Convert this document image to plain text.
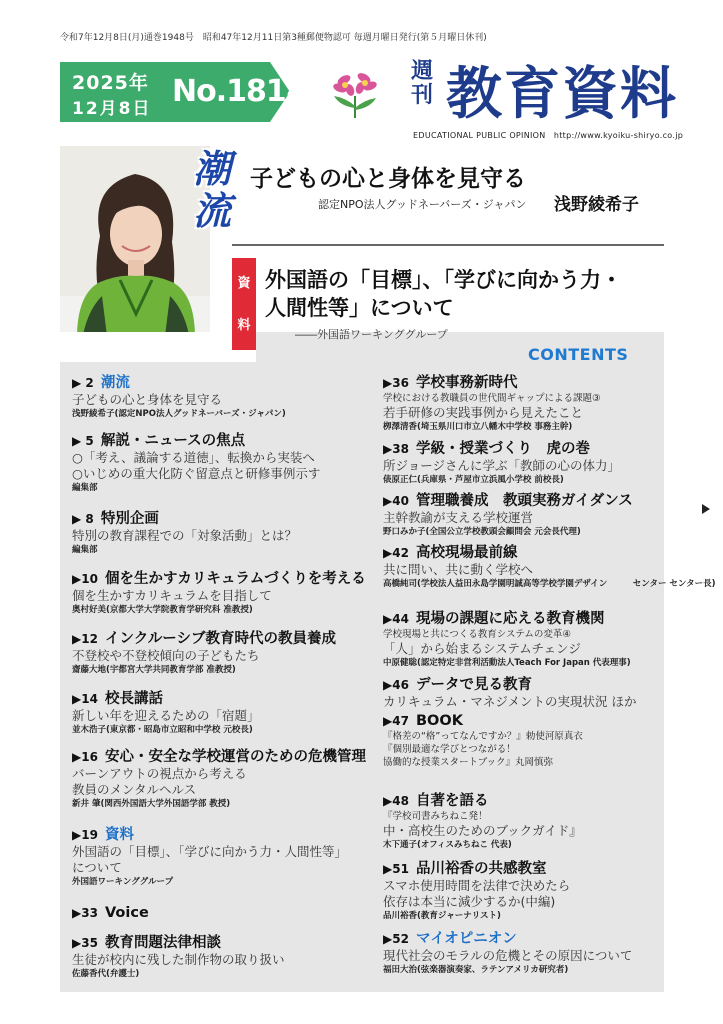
令和7年12月8日(月)通巻1948号　昭和47年12月11日第3種郵便物認可 毎週月曜日発行(第５月曜日休刊)
2025年
12月8日 No.1818
週刊 教育資料
EDUCATIONAL PUBLIC OPINION　http://www.kyoiku-shiryo.co.jp
潮流
子どもの心と身体を見守る
認定NPO法人グッドネーバーズ・ジャパン 浅野綾希子
資
料
外国語の「目標」、「学びに向かう力・
人間性等」について
――外国語ワーキンググループ
CONTENTS
▶ 2 潮流
子どもの心と身体を見守る
浅野綾希子(認定NPO法人グッドネーバーズ・ジャパン)
▶ 5 解説・ニュースの焦点
○「考え、議論する道徳」、転換から実装へ
○いじめの重大化防ぐ留意点と研修事例示す
編集部
▶ 8 特別企画
特別の教育課程での「対象活動」とは？
編集部
▶10 個を生かすカリキュラムづくりを考える
個を生かすカリキュラムを目指して
奥村好美(京都大学大学院教育学研究科 准教授)
▶12 インクルーシブ教育時代の教員養成
不登校や不登校傾向の子どもたち
齋藤大地(宇都宮大学共同教育学部 准教授)
▶14 校長講話
新しい年を迎えるための「宿題」
並木浩子(東京都・昭島市立昭和中学校 元校長)
▶16 安心・安全な学校運営のための危機管理
バーンアウトの視点から考える
教員のメンタルヘルス
新井 肇(関西外国語大学外国語学部 教授)
▶19 資料
外国語の「目標」、「学びに向かう力・人間性等」
について
外国語ワーキンググループ
▶33 Voice
▶35 教育問題法律相談
生徒が校内に残した制作物の取り扱い
佐藤香代(弁護士)
▶36 学校事務新時代
学校における教職員の世代間ギャップによる課題③
若手研修の実践事例から見えたこと
栁澤清香(埼玉県川口市立八幡木中学校 事務主幹)
▶38 学級・授業づくり　虎の巻
所ジョージさんに学ぶ「教師の心の体力」
俵原正仁(兵庫県・芦屋市立浜風小学校 前校長)
▶40 管理職養成　教頭実務ガイダンス
主幹教諭が支える学校運営
野口みか子(全国公立学校教頭会顧問会 元会長代理)
▶42 高校現場最前線
共に問い、共に動く学校へ
高橋純司(学校法人益田永島学園明誠高等学校学園デザイン　　　センター センター長)
▶44 現場の課題に応える教育機関
学校現場と共につくる教育システムの変革④
「人」から始まるシステムチェンジ
中原健聡(認定特定非営利活動法人Teach For Japan 代表理事)
▶46 データで見る教育
カリキュラム・マネジメントの実現状況 ほか
▶47 BOOK
『格差の“格”ってなんですか？』勅使河原真衣
『個別最適な学びとつながる！
協働的な授業スタートブック』丸岡慎弥
▶48 自著を語る
『学校司書みちねこ発！
中・高校生のためのブックガイド』
木下通子(オフィスみちねこ 代表)
▶51 品川裕香の共感教室
スマホ使用時間を法律で決めたら
依存は本当に減少するか(中編)
品川裕香(教育ジャーナリスト)
▶52 マイオピニオン
現代社会のモラルの危機とその原因について
福田大治(弦楽器演奏家、ラテンアメリカ研究者)
